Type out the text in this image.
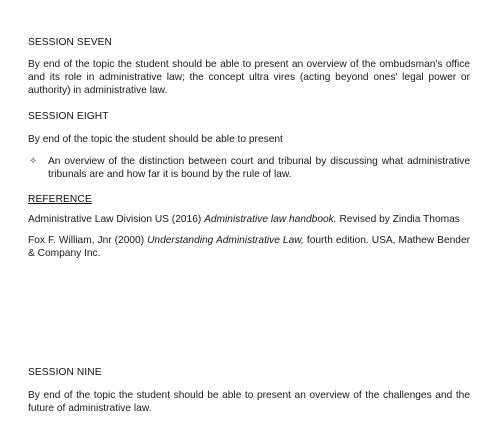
SESSION SEVEN
By end of the topic the student should be able to present an overview of the ombudsman's office and its role in administrative law; the concept ultra vires (acting beyond ones' legal power or authority) in administrative law.
SESSION EIGHT
By end of the topic the student should be able to present
✧	An overview of the distinction between court and tribunal by discussing what administrative tribunals are and how far it is bound by the rule of law.
REFERENCE
Administrative Law Division US (2016) Administrative law handbook. Revised by Zindia Thomas
Fox F. William, Jnr (2000) Understanding Administrative Law, fourth edition. USA, Mathew Bender & Company Inc.
SESSION NINE
By end of the topic the student should be able to present an overview of the challenges and the future of administrative law.
